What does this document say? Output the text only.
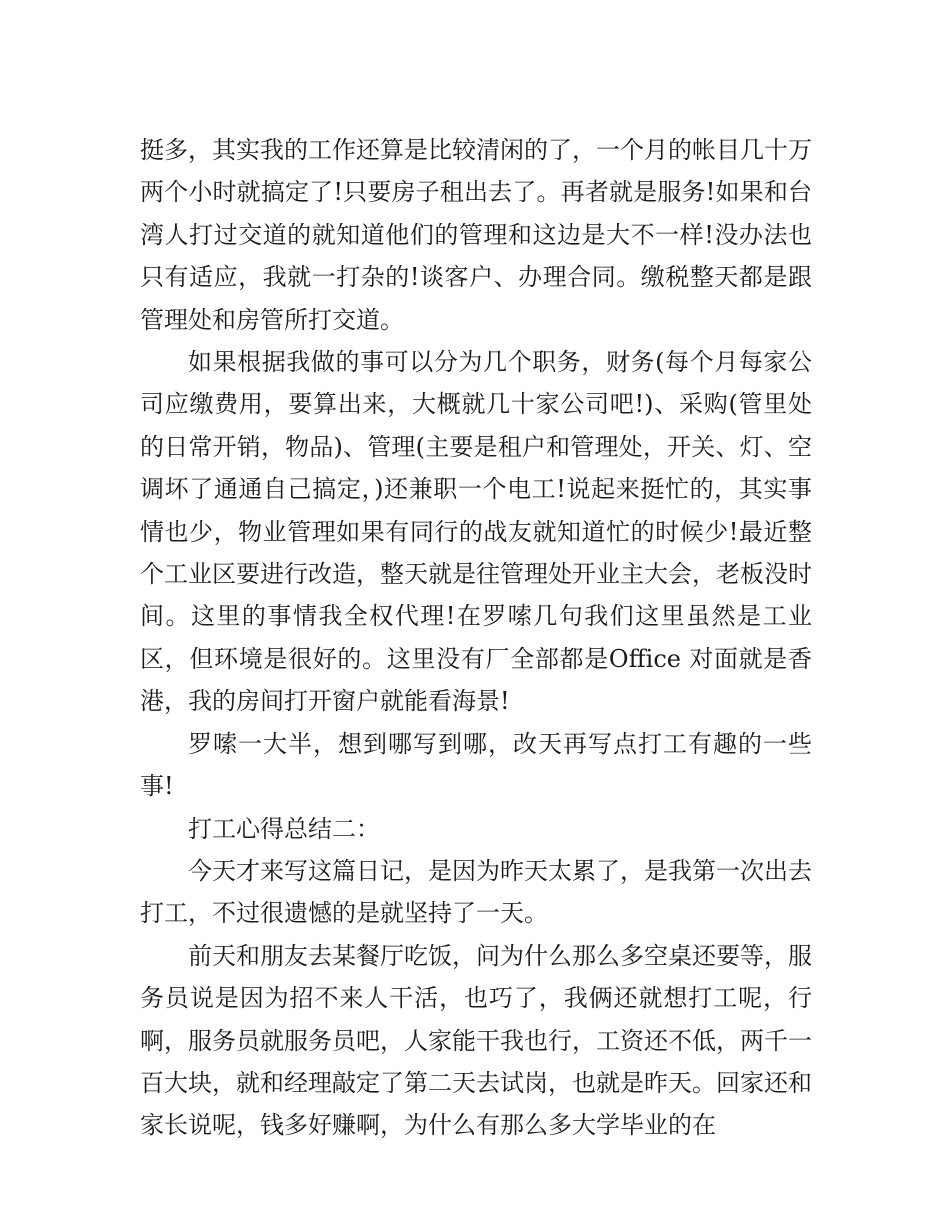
挺多，其实我的工作还算是比较清闲的了，一个月的帐目几十万两个小时就搞定了!只要房子租出去了。再者就是服务!如果和台湾人打过交道的就知道他们的管理和这边是大不一样!没办法也只有适应，我就一打杂的!谈客户、办理合同。缴税整天都是跟管理处和房管所打交道。

如果根据我做的事可以分为几个职务，财务(每个月每家公司应缴费用，要算出来，大概就几十家公司吧!)、采购(管里处的日常开销，物品)、管理(主要是租户和管理处，开关、灯、空调坏了通通自己搞定，)还兼职一个电工!说起来挺忙的，其实事情也少，物业管理如果有同行的战友就知道忙的时候少!最近整个工业区要进行改造，整天就是往管理处开业主大会，老板没时间。这里的事情我全权代理!在罗嗦几句我们这里虽然是工业区，但环境是很好的。这里没有厂全部都是Office 对面就是香港，我的房间打开窗户就能看海景!

罗嗦一大半，想到哪写到哪，改天再写点打工有趣的一些事!

打工心得总结二：

今天才来写这篇日记，是因为昨天太累了，是我第一次出去打工，不过很遗憾的是就坚持了一天。

前天和朋友去某餐厅吃饭，问为什么那么多空桌还要等，服务员说是因为招不来人干活，也巧了，我俩还就想打工呢，行啊，服务员就服务员吧，人家能干我也行，工资还不低，两千一百大块，就和经理敲定了第二天去试岗，也就是昨天。回家还和家长说呢，钱多好赚啊，为什么有那么多大学毕业的在
